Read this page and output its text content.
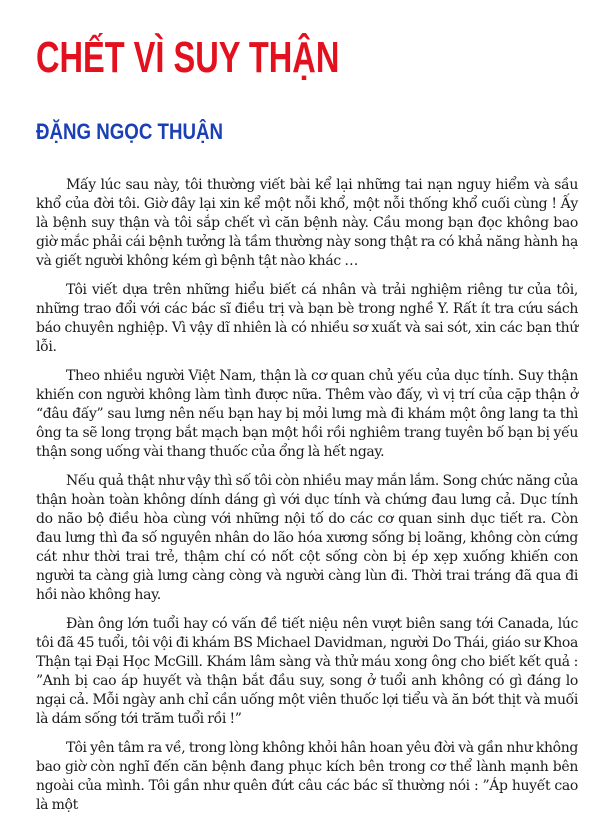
CHẾT VÌ SUY THẬN
ĐẶNG NGỌC THUẬN

Mấy lúc sau này, tôi thường viết bài kể lại những tai nạn nguy hiểm và sầu khổ của đời tôi. Giờ đây lại xin kể một nỗi khổ, một nỗi thống khổ cuối cùng ! Ấy là bệnh suy thận và tôi sắp chết vì căn bệnh này. Cầu mong bạn đọc không bao giờ mắc phải cái bệnh tưởng là tầm thường này song thật ra có khả năng hành hạ và giết người không kém gì bệnh tật nào khác …

Tôi viết dựa trên những hiểu biết cá nhân và trải nghiệm riêng tư của tôi, những trao đổi với các bác sĩ điều trị và bạn bè trong nghề Y. Rất ít tra cứu sách báo chuyên nghiệp. Vì vậy dĩ nhiên là có nhiều sơ xuất và sai sót, xin các bạn thứ lỗi.

Theo nhiều người Việt Nam, thận là cơ quan chủ yếu của dục tính. Suy thận khiến con người không làm tình được nữa. Thêm vào đấy, vì vị trí của cặp thận ở “đâu đấy” sau lưng nên nếu bạn hay bị mỏi lưng mà đi khám một ông lang ta thì ông ta sẽ long trọng bắt mạch bạn một hồi rồi nghiêm trang tuyên bố bạn bị yếu thận song uống vài thang thuốc của ổng là hết ngay.

Nếu quả thật như vậy thì số tôi còn nhiều may mắn lắm. Song chức năng của thận hoàn toàn không dính dáng gì với dục tính và chứng đau lưng cả. Dục tính do não bộ điều hòa cùng với những nội tố do các cơ quan sinh dục tiết ra. Còn đau lưng thì đa số nguyên nhân do lão hóa xương sống bị loãng, không còn cứng cát như thời trai trẻ, thậm chí có nốt cột sống còn bị ép xẹp xuống khiến con người ta càng già lưng càng còng và người càng lùn đi. Thời trai tráng đã qua đi hồi nào không hay.

Đàn ông lớn tuổi hay có vấn đề tiết niệu nên vượt biên sang tới Canada, lúc tôi đã 45 tuổi, tôi vội đi khám BS Michael Davidman, người Do Thái, giáo sư Khoa Thận tại Đại Học McGill. Khám lâm sàng và thử máu xong ông cho biết kết quả : ”Anh bị cao áp huyết và thận bắt đầu suy, song ở tuổi anh không có gì đáng lo ngại cả. Mỗi ngày anh chỉ cần uống một viên thuốc lợi tiểu và ăn bớt thịt và muối là dám sống tới trăm tuổi rồi !”

Tôi yên tâm ra về, trong lòng không khỏi hân hoan yêu đời và gần như không bao giờ còn nghĩ đến căn bệnh đang phục kích bên trong cơ thể lành mạnh bên ngoài của mình. Tôi gần như quên đứt câu các bác sĩ thường nói : ”Áp huyết cao là một
